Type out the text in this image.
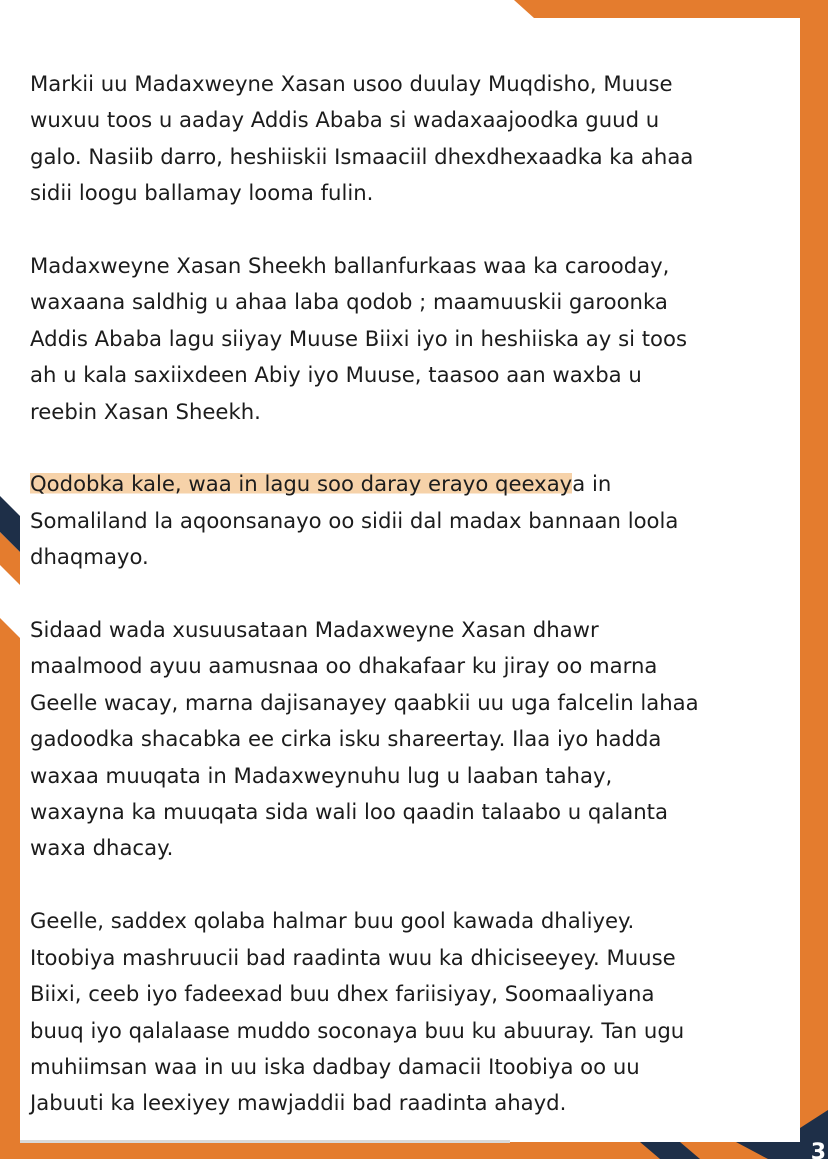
Markii uu Madaxweyne Xasan usoo duulay Muqdisho, Muuse
wuxuu toos u aaday Addis Ababa si wadaxaajoodka guud u
galo. Nasiib darro, heshiiskii Ismaaciil dhexdhexaadka ka ahaa
sidii loogu ballamay looma fulin.

Madaxweyne Xasan Sheekh ballanfurkaas waa ka carooday,
waxaana saldhig u ahaa laba qodob ; maamuuskii garoonka
Addis Ababa lagu siiyay Muuse Biixi iyo in heshiiska ay si toos
ah u kala saxiixdeen Abiy iyo Muuse, taasoo aan waxba u
reebin Xasan Sheekh.

Qodobka kale, waa in lagu soo daray erayo qeexaya in
Somaliland la aqoonsanayo oo sidii dal madax bannaan loola
dhaqmayo.

Sidaad wada xusuusataan Madaxweyne Xasan dhawr
maalmood ayuu aamusnaa oo dhakafaar ku jiray oo marna
Geelle wacay, marna dajisanayey qaabkii uu uga falcelin lahaa
gadoodka shacabka ee cirka isku shareertay. Ilaa iyo hadda
waxaa muuqata in Madaxweynuhu lug u laaban tahay,
waxayna ka muuqata sida wali loo qaadin talaabo u qalanta
waxa dhacay.

Geelle, saddex qolaba halmar buu gool kawada dhaliyey.
Itoobiya mashruucii bad raadinta wuu ka dhiciseeyey. Muuse
Biixi, ceeb iyo fadeexad buu dhex fariisiyay, Soomaaliyana
buuq iyo qalalaase muddo soconaya buu ku abuuray. Tan ugu
muhiimsan waa in uu iska dadbay damacii Itoobiya oo uu
Jabuuti ka leexiyey mawjaddii bad raadinta ahayd.

3
